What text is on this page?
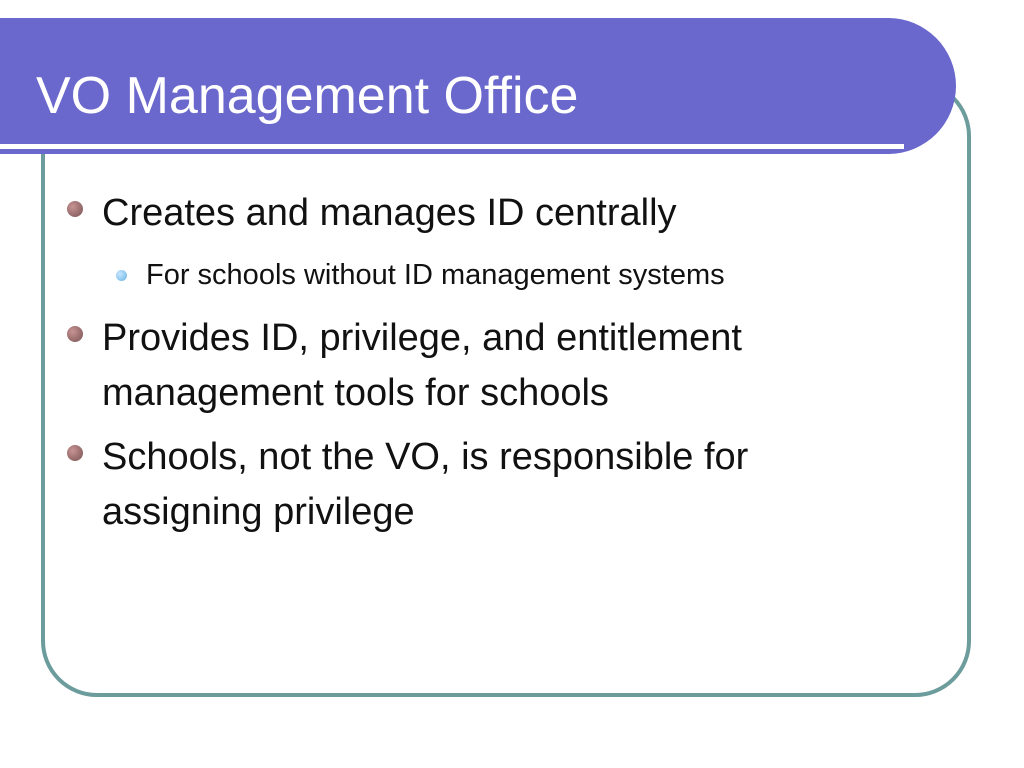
VO Management Office
Creates and manages ID centrally
For schools without ID management systems
Provides ID, privilege, and entitlement
management tools for schools
Schools, not the VO, is responsible for
assigning privilege
